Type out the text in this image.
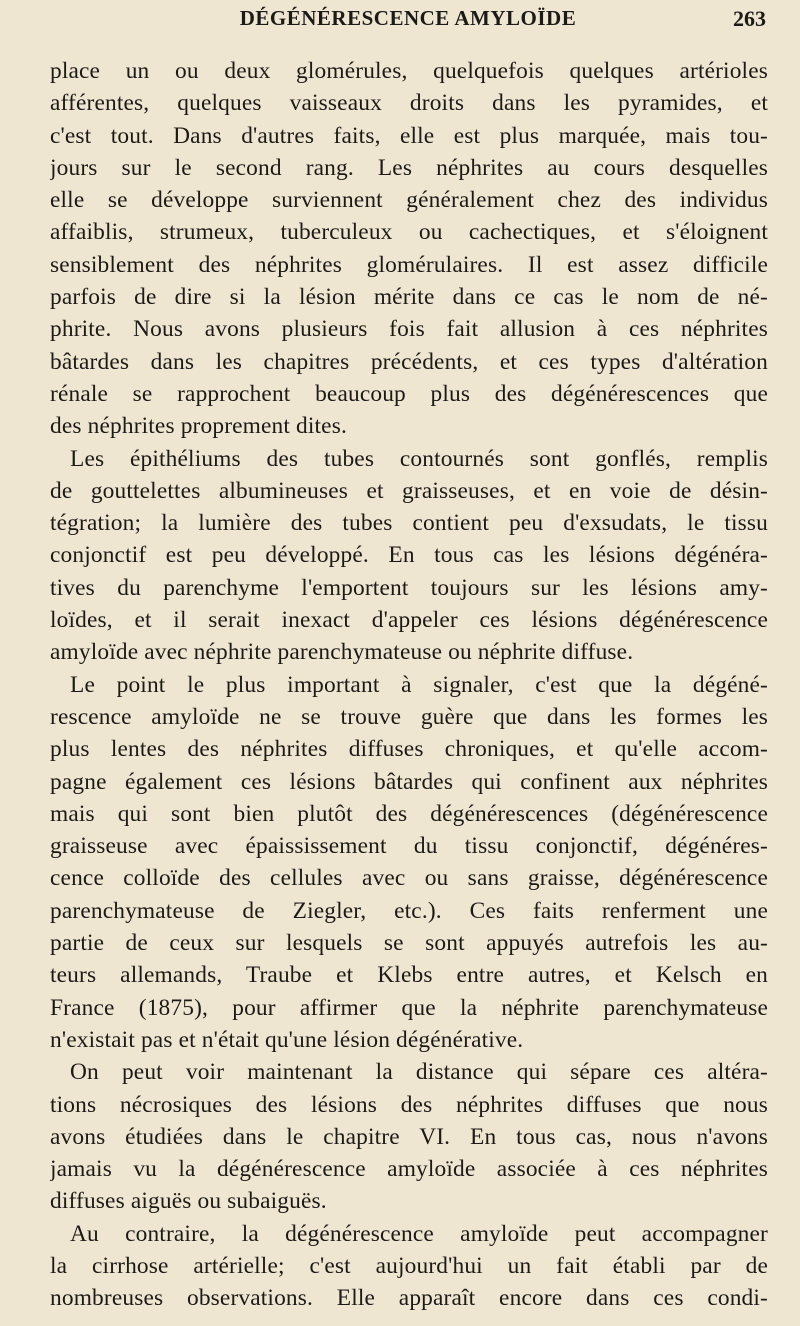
DÉGÉNÉRESCENCE AMYLOÏDE	263
place un ou deux glomérules, quelquefois quelques artérioles
afférentes, quelques vaisseaux droits dans les pyramides, et
c'est tout. Dans d'autres faits, elle est plus marquée, mais tou-
jours sur le second rang. Les néphrites au cours desquelles
elle se développe surviennent généralement chez des individus
affaiblis, strumeux, tuberculeux ou cachectiques, et s'éloignent
sensiblement des néphrites glomérulaires. Il est assez difficile
parfois de dire si la lésion mérite dans ce cas le nom de né-
phrite. Nous avons plusieurs fois fait allusion à ces néphrites
bâtardes dans les chapitres précédents, et ces types d'altération
rénale se rapprochent beaucoup plus des dégénérescences que
des néphrites proprement dites.
Les épithéliums des tubes contournés sont gonflés, remplis
de gouttelettes albumineuses et graisseuses, et en voie de désin-
tégration; la lumière des tubes contient peu d'exsudats, le tissu
conjonctif est peu développé. En tous cas les lésions dégénéra-
tives du parenchyme l'emportent toujours sur les lésions amy-
loïdes, et il serait inexact d'appeler ces lésions dégénérescence
amyloïde avec néphrite parenchymateuse ou néphrite diffuse.
Le point le plus important à signaler, c'est que la dégéné-
rescence amyloïde ne se trouve guère que dans les formes les
plus lentes des néphrites diffuses chroniques, et qu'elle accom-
pagne également ces lésions bâtardes qui confinent aux néphrites
mais qui sont bien plutôt des dégénérescences (dégénérescence
graisseuse avec épaississement du tissu conjonctif, dégénéres-
cence colloïde des cellules avec ou sans graisse, dégénérescence
parenchymateuse de Ziegler, etc.). Ces faits renferment une
partie de ceux sur lesquels se sont appuyés autrefois les au-
teurs allemands, Traube et Klebs entre autres, et Kelsch en
France (1875), pour affirmer que la néphrite parenchymateuse
n'existait pas et n'était qu'une lésion dégénérative.
On peut voir maintenant la distance qui sépare ces altéra-
tions nécrosiques des lésions des néphrites diffuses que nous
avons étudiées dans le chapitre VI. En tous cas, nous n'avons
jamais vu la dégénérescence amyloïde associée à ces néphrites
diffuses aiguës ou subaiguës.
Au contraire, la dégénérescence amyloïde peut accompagner
la cirrhose artérielle; c'est aujourd'hui un fait établi par de
nombreuses observations. Elle apparaît encore dans ces condi-
